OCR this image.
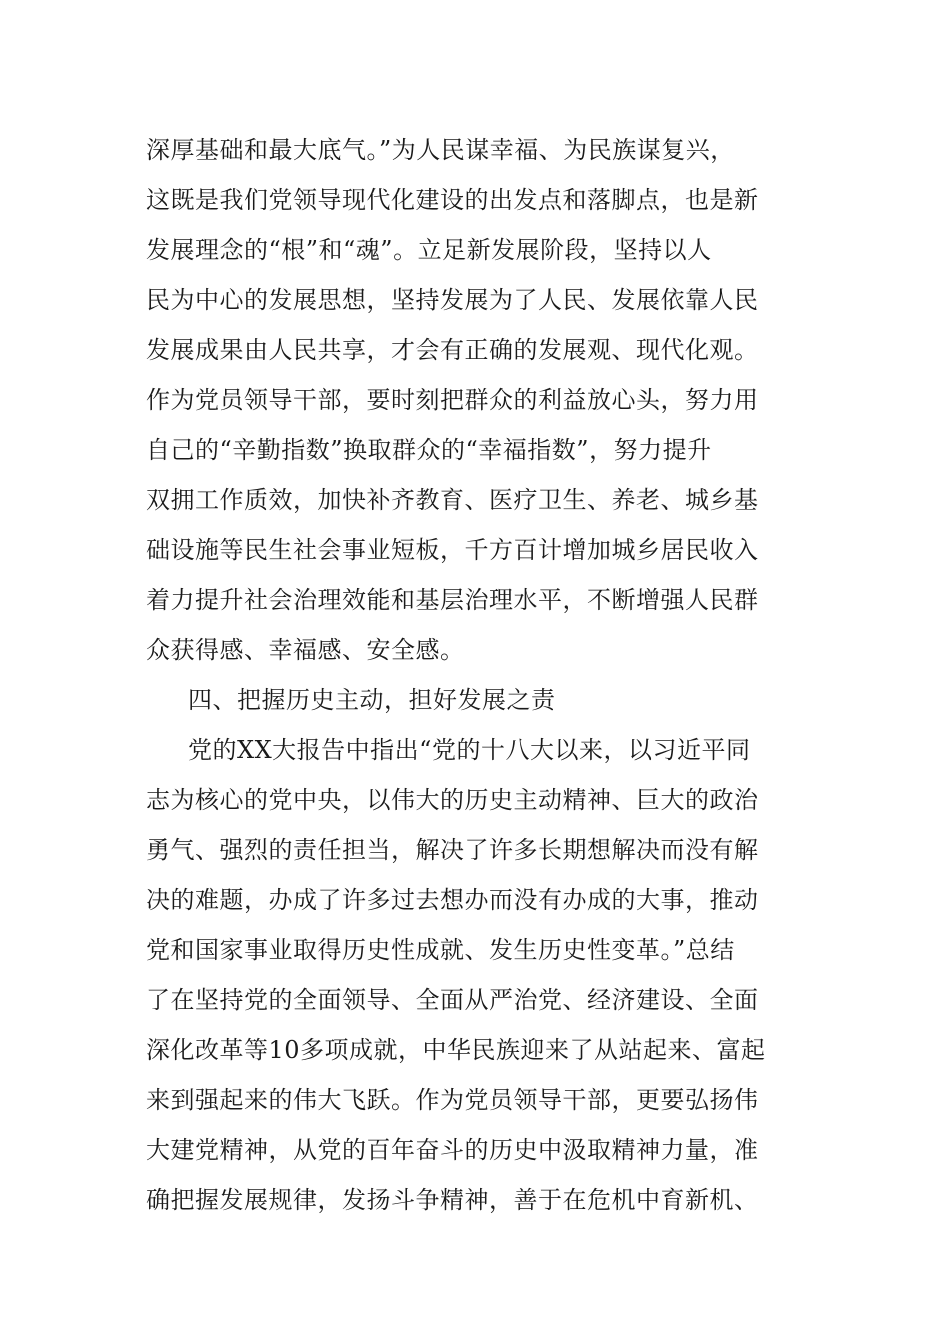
深厚基础和最大底气。”为人民谋幸福、为民族谋复兴，
这既是我们党领导现代化建设的出发点和落脚点，也是新
发展理念的“根”和“魂”。立足新发展阶段，坚持以人
民为中心的发展思想，坚持发展为了人民、发展依靠人民
发展成果由人民共享，才会有正确的发展观、现代化观。
作为党员领导干部，要时刻把群众的利益放心头，努力用
自己的“辛勤指数”换取群众的“幸福指数”，努力提升
双拥工作质效，加快补齐教育、医疗卫生、养老、城乡基
础设施等民生社会事业短板，千方百计增加城乡居民收入
着力提升社会治理效能和基层治理水平，不断增强人民群
众获得感、幸福感、安全感。
四、把握历史主动，担好发展之责
党的XX大报告中指出“党的十八大以来，以习近平同
志为核心的党中央，以伟大的历史主动精神、巨大的政治
勇气、强烈的责任担当，解决了许多长期想解决而没有解
决的难题，办成了许多过去想办而没有办成的大事，推动
党和国家事业取得历史性成就、发生历史性变革。”总结
了在坚持党的全面领导、全面从严治党、经济建设、全面
深化改革等10多项成就，中华民族迎来了从站起来、富起
来到强起来的伟大飞跃。作为党员领导干部，更要弘扬伟
大建党精神，从党的百年奋斗的历史中汲取精神力量，准
确把握发展规律，发扬斗争精神，善于在危机中育新机、
